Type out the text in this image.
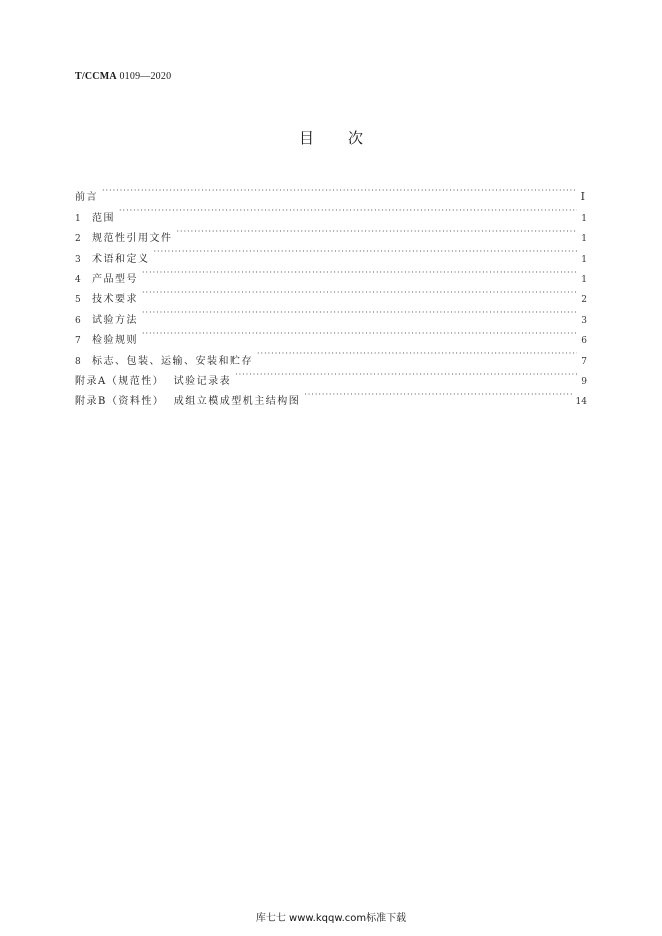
T/CCMA 0109—2020
目次
前言 ·····	I
1	范围 ·····	1
2	规范性引用文件 ·····	1
3	术语和定义 ·····	1
4	产品型号 ·····	1
5	技术要求 ·····	2
6	试验方法 ·····	3
7	检验规则 ·····	6
8	标志、包装、运输、安装和贮存 ·····	7
附录A（规范性）  试验记录表 ·····	9
附录B（资料性）  成组立模成型机主结构图 ·····	14
库七七 www.kqqw.com标准下载
